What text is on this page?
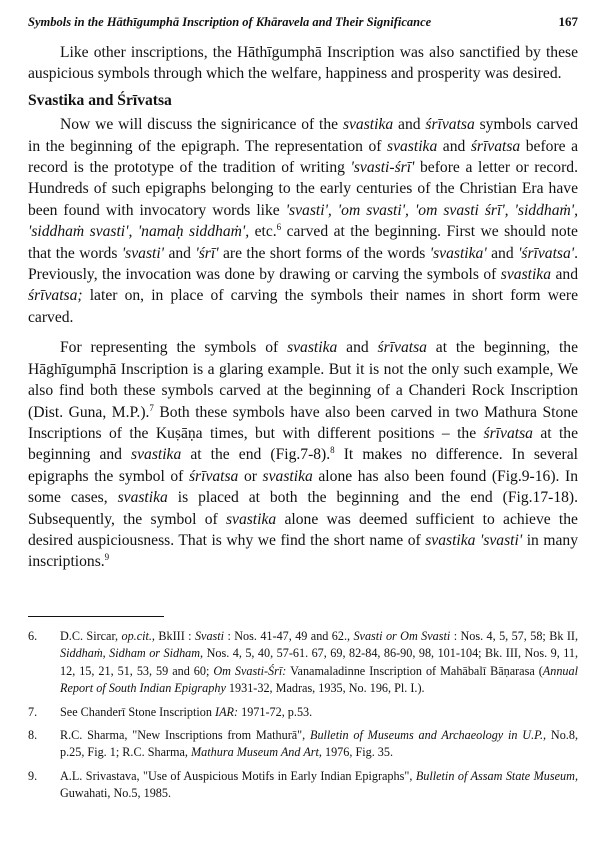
Symbols in the Hāthīgumphā Inscription of Khāravela and Their Significance	167

Like other inscriptions, the Hāthīgumphā Inscription was also sanctified by these auspicious symbols through which the welfare, happiness and prosperity was desired.

Svastika and Śrīvatsa

Now we will discuss the signiricance of the svastika and śrīvatsa symbols carved in the beginning of the epigraph. The representation of svastika and śrīvatsa before a record is the prototype of the tradition of writing 'svasti-śrī' before a letter or record. Hundreds of such epigraphs belonging to the early centuries of the Christian Era have been found with invocatory words like 'svasti', 'om svasti', 'om svasti śrī', 'siddhaṁ', 'siddhaṁ svasti', 'namaḥ siddhaṁ', etc.$^6$ carved at the beginning. First we should note that the words 'svasti' and 'śrī' are the short forms of the words 'svastika' and 'śrīvatsa'. Previously, the invocation was done by drawing or carving the symbols of svastika and śrīvatsa; later on, in place of carving the symbols their names in short form were carved.

For representing the symbols of svastika and śrīvatsa at the beginning, the Hāghīgumphā Inscription is a glaring example. But it is not the only such example, We also find both these symbols carved at the beginning of a Chanderi Rock Inscription (Dist. Guna, M.P.).$^7$ Both these symbols have also been carved in two Mathura Stone Inscriptions of the Kuṣāṇa times, but with different positions – the śrīvatsa at the beginning and svastika at the end (Fig.7-8).$^8$ It makes no difference. In several epigraphs the symbol of śrīvatsa or svastika alone has also been found (Fig.9-16). In some cases, svastika is placed at both the beginning and the end (Fig.17-18). Subsequently, the symbol of svastika alone was deemed sufficient to achieve the desired auspiciousness. That is why we find the short name of svastika 'svasti' in many inscriptions.$^9$

6.	D.C. Sircar, op.cit., BkIII : Svasti : Nos. 41-47, 49 and 62., Svasti or Om Svasti : Nos. 4, 5, 57, 58; Bk II, Siddhaṁ, Sidham or Sidham, Nos. 4, 5, 40, 57-61. 67, 69, 82-84, 86-90, 98, 101-104; Bk. III, Nos. 9, 11, 12, 15, 21, 51, 53, 59 and 60; Om Svasti-Śrī: Vanamaladinne Inscription of Mahābalī Bāṇarasa (Annual Report of South Indian Epigraphy 1931-32, Madras, 1935, No. 196, Pl. I.).
7.	See Chanderī Stone Inscription IAR: 1971-72, p.53.
8.	R.C. Sharma, "New Inscriptions from Mathurā", Bulletin of Museums and Archaeology in U.P., No.8, p.25, Fig. 1; R.C. Sharma, Mathura Museum And Art, 1976, Fig. 35.
9.	A.L. Srivastava, "Use of Auspicious Motifs in Early Indian Epigraphs", Bulletin of Assam State Museum, Guwahati, No.5, 1985.
